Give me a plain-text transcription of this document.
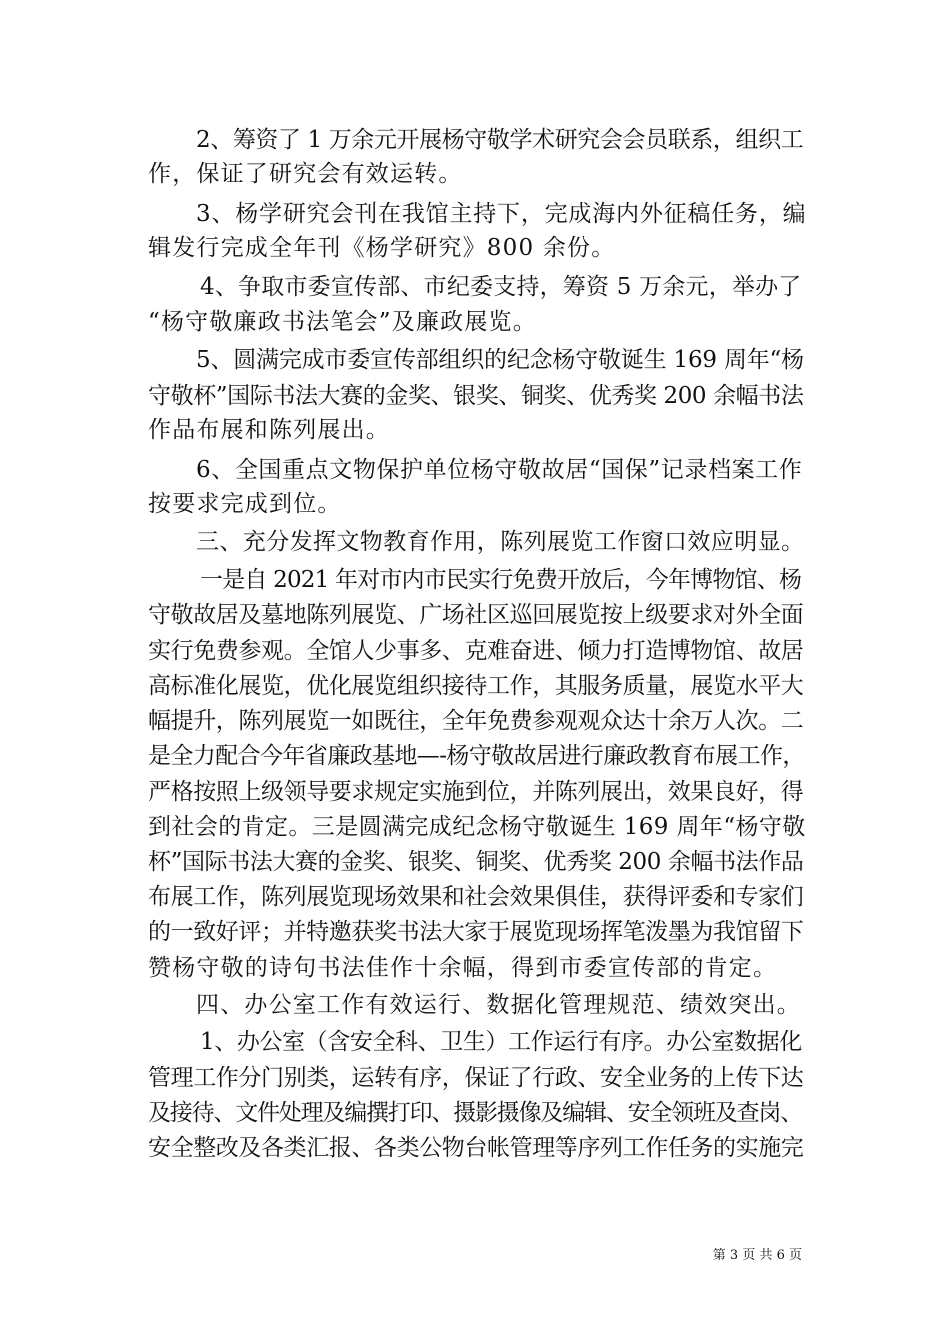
2、筹资了 1 万余元开展杨守敬学术研究会会员联系，组织工
作，保证了研究会有效运转。
3、杨学研究会刊在我馆主持下，完成海内外征稿任务，编
辑发行完成全年刊《杨学研究》800 余份。
4、争取市委宣传部、市纪委支持，筹资 5 万余元，举办了
“杨守敬廉政书法笔会”及廉政展览。
5、圆满完成市委宣传部组织的纪念杨守敬诞生 169 周年“杨
守敬杯”国际书法大赛的金奖、银奖、铜奖、优秀奖 200 余幅书法
作品布展和陈列展出。
6、全国重点文物保护单位杨守敬故居“国保”记录档案工作
按要求完成到位。
三、充分发挥文物教育作用，陈列展览工作窗口效应明显。
一是自 2021 年对市内市民实行免费开放后，今年博物馆、杨
守敬故居及墓地陈列展览、广场社区巡回展览按上级要求对外全面
实行免费参观。全馆人少事多、克难奋进、倾力打造博物馆、故居
高标准化展览，优化展览组织接待工作，其服务质量，展览水平大
幅提升，陈列展览一如既往，全年免费参观观众达十余万人次。二
是全力配合今年省廉政基地—-杨守敬故居进行廉政教育布展工作，
严格按照上级领导要求规定实施到位，并陈列展出，效果良好，得
到社会的肯定。三是圆满完成纪念杨守敬诞生 169 周年“杨守敬
杯”国际书法大赛的金奖、银奖、铜奖、优秀奖 200 余幅书法作品
布展工作，陈列展览现场效果和社会效果俱佳，获得评委和专家们
的一致好评；并特邀获奖书法大家于展览现场挥笔泼墨为我馆留下
赞杨守敬的诗句书法佳作十余幅，得到市委宣传部的肯定。
四、办公室工作有效运行、数据化管理规范、绩效突出。
1、办公室（含安全科、卫生）工作运行有序。办公室数据化
管理工作分门别类，运转有序，保证了行政、安全业务的上传下达
及接待、文件处理及编撰打印、摄影摄像及编辑、安全领班及查岗、
安全整改及各类汇报、各类公物台帐管理等序列工作任务的实施完
第 3 页 共 6 页
